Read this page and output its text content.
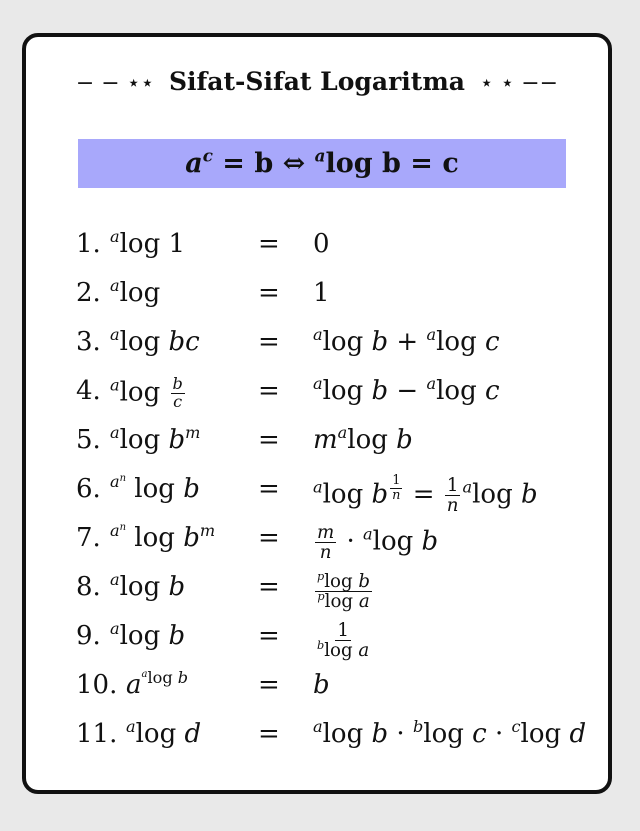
− − ⋆⋆ Sifat-Sifat Logaritma ⋆ ⋆ −−
$a^c = b$ ⇔ $^a$log b = c
1. $^a$log 1	= 0
2. $^a$log	= 1
3. $^a$log bc = $^a$log b + $^a$log c
4. $^a\log \frac{b}{c}$	= $^a$log b − $^a$log c
5. $^a$log $b^m = m^a\log$ b
6. $^{a^n}$ log b = $^a$log b $^{\frac{1}{n}} = \frac{1}{n} ^a\log$ b
7. $^{a^n}$ $\log b^m = \frac{m}{n} \cdot ^a\log$ b
8. $^a$log b	=	$\frac{^p\log b}{^p\log a}$
9. $^a$log b	= $\frac{1}{^b\log a}$
10. $a^{^alog b}$	= b
11. $^a$log d = $^a$log b · $^b$log c · $^c$log d
